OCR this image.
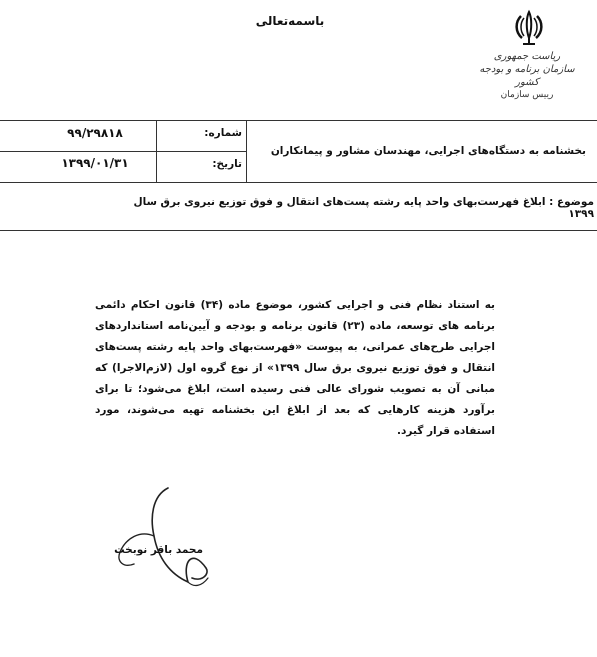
ریاست جمهوری
سازمان برنامه و بودجه کشور
رییس سازمان
باسمه‌تعالی
بخشنامه به دستگاه‌های اجرایی، مهندسان مشاور و پیمانکاران
شماره:
۹۹/۲۹۸۱۸
تاریخ:
۱۳۹۹/۰۱/۳۱
موضوع : ابلاغ فهرست‌بهای واحد پایه رشته پست‌های انتقال و فوق توزیع نیروی برق سال ۱۳۹۹
به استناد نظام فنی و اجرایی کشور، موضوع ماده (۳۴) قانون احکام دائمی برنامه های توسعه، ماده (۲۳) قانون برنامه و بودجه و آیین‌نامه استانداردهای اجرایی طرح‌های عمرانی، به پیوست «فهرست‌بهای واحد پایه رشته پست‌های انتقال و فوق توزیع نیروی برق سال ۱۳۹۹» از نوع گروه اول (لازم‌الاجرا) که مبانی آن به تصویب شورای عالی فنی رسیده است، ابلاغ می‌شود؛ تا برای برآورد هزینه کارهایی که بعد از ابلاغ این بخشنامه تهیه می‌شوند، مورد استفاده قرار گیرد.
محمد باقر نوبخت
